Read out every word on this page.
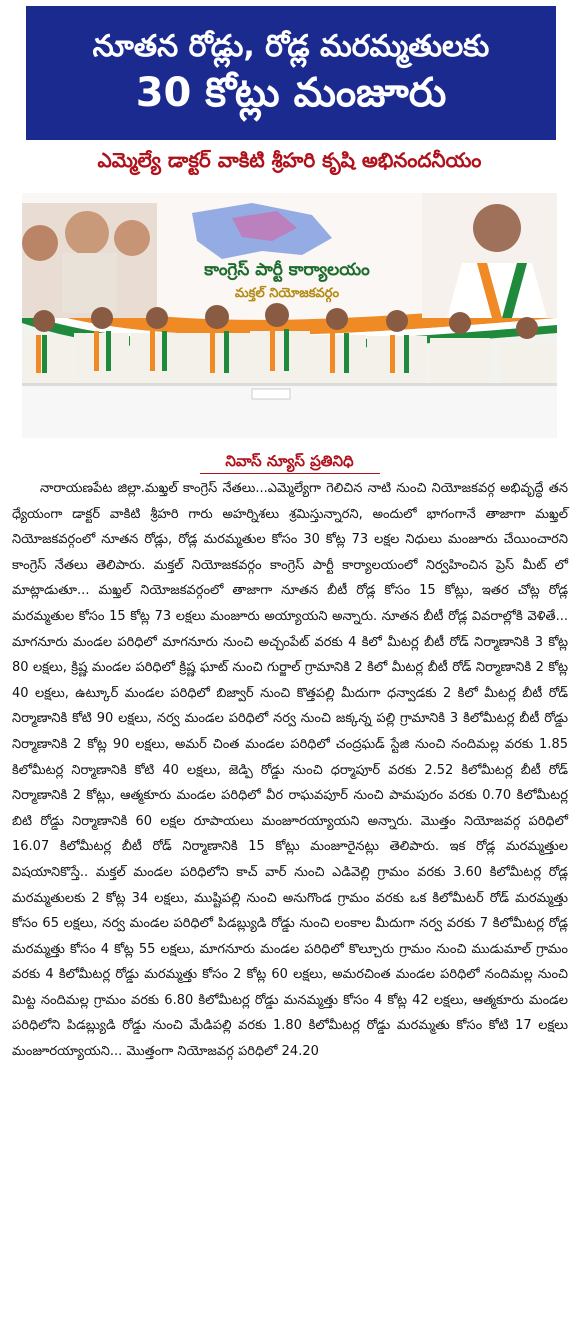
నూతన రోడ్లు, రోడ్ల మరమ్మతులకు
30 కోట్లు మంజూరు
ఎమ్మెల్యే డాక్టర్ వాకిటి శ్రీహరి కృషి అభినందనీయం
కాంగ్రెస్ పార్టీ కార్యాలయం
మక్తల్ నియోజకవర్గం
నివాస్ న్యూస్ ప్రతినిధి

నారాయణపేట జిల్లా.మఖ్తల్ కాంగ్రెస్ నేతలు...ఎమ్మెల్యేగా గెలిచిన నాటి నుంచి నియోజకవర్గ అభివృద్ధే తన ధ్యేయంగా డాక్టర్ వాకిటి శ్రీహరి గారు అహర్నిశలు శ్రమిస్తున్నారని, అందులో భాగంగానే తాజాగా మఖ్తల్ నియోజకవర్గంలో నూతన రోడ్లు, రోడ్ల మరమ్మతుల కోసం 30 కోట్ల 73 లక్షల నిధులు మంజూరు చేయించారని కాంగ్రెస్ నేతలు తెలిపారు. మక్తల్ నియోజకవర్గం కాంగ్రెస్ పార్టీ కార్యాలయంలో నిర్వహించిన ప్రెస్ మీట్ లో మాట్లాడుతూ... మఖ్తల్ నియోజకవర్గంలో తాజాగా నూతన బీటీ రోడ్ల కోసం 15 కోట్లు, ఇతర చోట్ల రోడ్ల మరమ్మతుల కోసం 15 కోట్ల 73 లక్షలు మంజూరు అయ్యాయని అన్నారు. నూతన బీటీ రోడ్ల వివరాల్లోకి వెళితే... మాగనూరు మండల పరిధిలో మాగనూరు నుంచి అచ్చంపేట్ వరకు 4 కిలో మీటర్ల బీటీ రోడ్ నిర్మాణానికి 3 కోట్ల 80 లక్షలు, క్రిష్ణ మండల పరిధిలో క్రిష్ణ ఘాట్ నుంచి గుర్జాల్ గ్రామానికి 2 కిలో మీటర్ల బీటీ రోడ్ నిర్మాణానికి 2 కోట్ల 40 లక్షలు, ఉట్కూర్ మండల పరిధిలో బిజ్వార్ నుంచి కొత్తపల్లి మీదుగా ధన్వాడకు 2 కిలో మీటర్ల బీటీ రోడ్ నిర్మాణానికి కోటి 90 లక్షలు, నర్వ మండల పరిధిలో నర్వ నుంచి జక్కన్న పల్లి గ్రామానికి 3 కిలోమీటర్ల బీటీ రోడ్డు నిర్మాణానికి 2 కోట్ల 90 లక్షలు, అమర్ చింత మండల పరిధిలో చంద్రఘడ్ స్టేజి నుంచి నందిమల్ల వరకు 1.85 కిలోమీటర్ల నిర్మాణానికి కోటి 40 లక్షలు, జెడ్పి రోడ్డు నుంచి ధర్మాపూర్ వరకు 2.52 కిలోమీటర్ల బీటీ రోడ్ నిర్మాణానికి 2 కోట్లు, ఆత్మకూరు మండల పరిధిలో వీర రాఘవపూర్ నుంచి పామపురం వరకు 0.70 కిలోమీటర్ల బిటి రోడ్డు నిర్మాణానికి 60 లక్షల రూపాయలు మంజూరయ్యాయని అన్నారు. మొత్తం నియోజవర్గ పరిధిలో 16.07 కిలోమీటర్ల బీటీ రోడ్ నిర్మాణానికి 15 కోట్లు మంజూరైనట్లు తెలిపారు. ఇక రోడ్ల మరమ్మత్తుల విషయానికొస్తే.. మక్తల్ మండల పరిధిలోని కాచ్ వార్ నుంచి ఎడివెల్లి గ్రామం వరకు 3.60 కిలోమీటర్ల రోడ్ల మరమ్మతులకు 2 కోట్ల 34 లక్షలు, ముష్టిపల్లి నుంచి అనుగొండ గ్రామం వరకు ఒక కిలోమీటర్ రోడ్ మరమ్మత్తు కోసం 65 లక్షలు, నర్వ మండల పరిధిలో పిడబ్ల్యుడి రోడ్డు నుంచి లంకాల మీదుగా నర్వ వరకు 7 కిలోమీటర్ల రోడ్ల మరమ్మత్తు కోసం 4 కోట్ల 55 లక్షలు, మాగనూరు మండల పరిధిలో కొల్చూరు గ్రామం నుంచి ముడుమాల్ గ్రామం వరకు 4 కిలోమీటర్ల రోడ్డు మరమ్మత్తు కోసం 2 కోట్ల 60 లక్షలు, అమరచింత మండల పరిధిలో నందిమల్ల నుంచి మిట్ట నందిమల్ల గ్రామం వరకు 6.80 కిలోమీటర్ల రోడ్డు మనమ్మత్తు కోసం 4 కోట్ల 42 లక్షలు, ఆత్మకూరు మండల పరిధిలోని పిడబ్ల్యుడి రోడ్డు నుంచి మేడిపల్లి వరకు 1.80 కిలోమీటర్ల రోడ్డు మరమ్మతు కోసం కోటి 17 లక్షలు మంజూరయ్యాయని... మొత్తంగా నియోజవర్గ పరిధిలో 24.20
